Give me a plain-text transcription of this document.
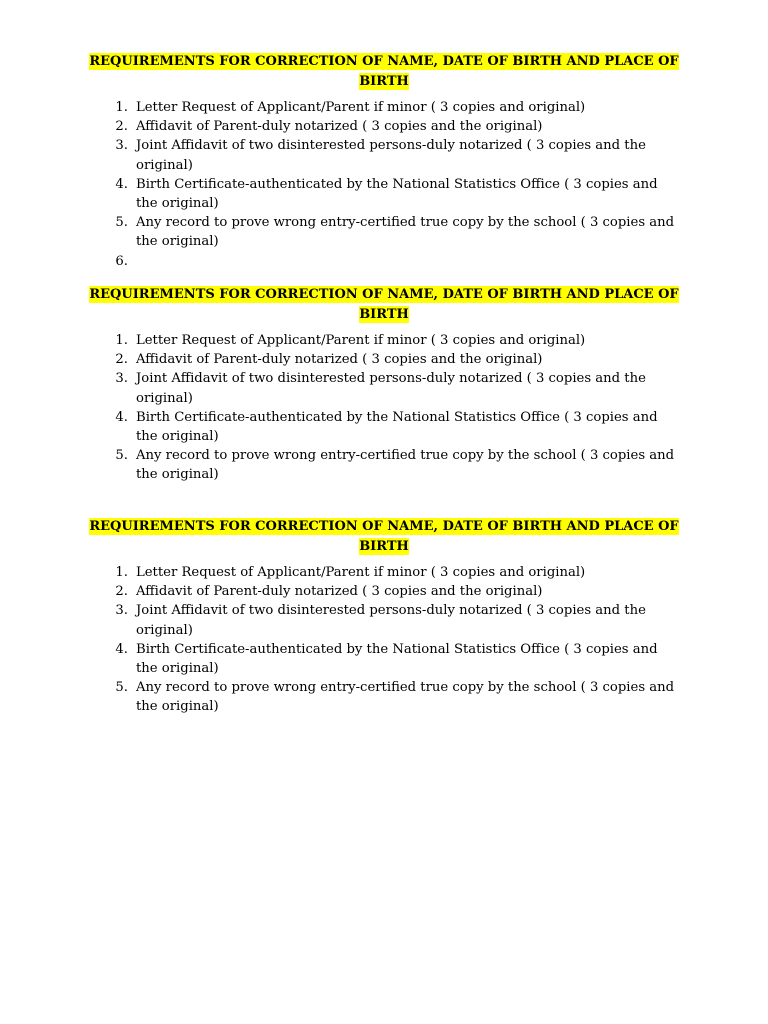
REQUIREMENTS FOR CORRECTION OF NAME, DATE OF BIRTH AND PLACE OF BIRTH

1. Letter Request of Applicant/Parent if minor ( 3 copies and original)
2. Affidavit of Parent-duly notarized ( 3 copies and the original)
3. Joint Affidavit of two disinterested persons-duly notarized ( 3 copies and the original)
4. Birth Certificate-authenticated by the National Statistics Office ( 3 copies and the original)
5. Any record to prove wrong entry-certified true copy by the school ( 3 copies and the original)
6.

REQUIREMENTS FOR CORRECTION OF NAME, DATE OF BIRTH AND PLACE OF BIRTH

1. Letter Request of Applicant/Parent if minor ( 3 copies and original)
2. Affidavit of Parent-duly notarized ( 3 copies and the original)
3. Joint Affidavit of two disinterested persons-duly notarized ( 3 copies and the original)
4. Birth Certificate-authenticated by the National Statistics Office ( 3 copies and the original)
5. Any record to prove wrong entry-certified true copy by the school ( 3 copies and the original)

REQUIREMENTS FOR CORRECTION OF NAME, DATE OF BIRTH AND PLACE OF BIRTH

1. Letter Request of Applicant/Parent if minor ( 3 copies and original)
2. Affidavit of Parent-duly notarized ( 3 copies and the original)
3. Joint Affidavit of two disinterested persons-duly notarized ( 3 copies and the original)
4. Birth Certificate-authenticated by the National Statistics Office ( 3 copies and the original)
5. Any record to prove wrong entry-certified true copy by the school ( 3 copies and the original)
